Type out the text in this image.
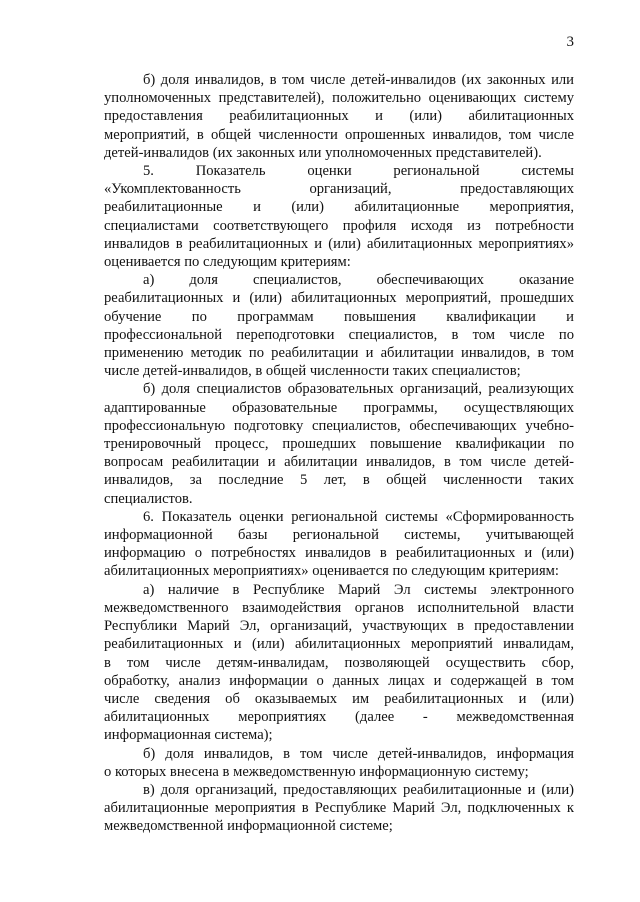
3
б) доля инвалидов, в том числе детей-инвалидов (их законных или
уполномоченных представителей), положительно оценивающих систему
предоставления реабилитационных и (или) абилитационных
мероприятий, в общей численности опрошенных инвалидов, том числе
детей-инвалидов (их законных или уполномоченных представителей).
5. Показатель оценки региональной системы
«Укомплектованность организаций, предоставляющих
реабилитационные и (или) абилитационные мероприятия,
специалистами соответствующего профиля исходя из потребности
инвалидов в реабилитационных и (или) абилитационных мероприятиях»
оценивается по следующим критериям:
а) доля специалистов, обеспечивающих оказание
реабилитационных и (или) абилитационных мероприятий, прошедших
обучение по программам повышения квалификации и
профессиональной переподготовки специалистов, в том числе по
применению методик по реабилитации и абилитации инвалидов, в том
числе детей-инвалидов, в общей численности таких специалистов;
б) доля специалистов образовательных организаций, реализующих
адаптированные образовательные программы, осуществляющих
профессиональную подготовку специалистов, обеспечивающих учебно-
тренировочный процесс, прошедших повышение квалификации по
вопросам реабилитации и абилитации инвалидов, в том числе детей-
инвалидов, за последние 5 лет, в общей численности таких
специалистов.
6. Показатель оценки региональной системы «Сформированность
информационной базы региональной системы, учитывающей
информацию о потребностях инвалидов в реабилитационных и (или)
абилитационных мероприятиях» оценивается по следующим критериям:
а) наличие в Республике Марий Эл системы электронного
межведомственного взаимодействия органов исполнительной власти
Республики Марий Эл, организаций, участвующих в предоставлении
реабилитационных и (или) абилитационных мероприятий инвалидам,
в том числе детям-инвалидам, позволяющей осуществить сбор,
обработку, анализ информации о данных лицах и содержащей в том
числе сведения об оказываемых им реабилитационных и (или)
абилитационных мероприятиях (далее - межведомственная
информационная система);
б) доля инвалидов, в том числе детей-инвалидов, информация
о которых внесена в межведомственную информационную систему;
в) доля организаций, предоставляющих реабилитационные и (или)
абилитационные мероприятия в Республике Марий Эл, подключенных к
межведомственной информационной системе;
